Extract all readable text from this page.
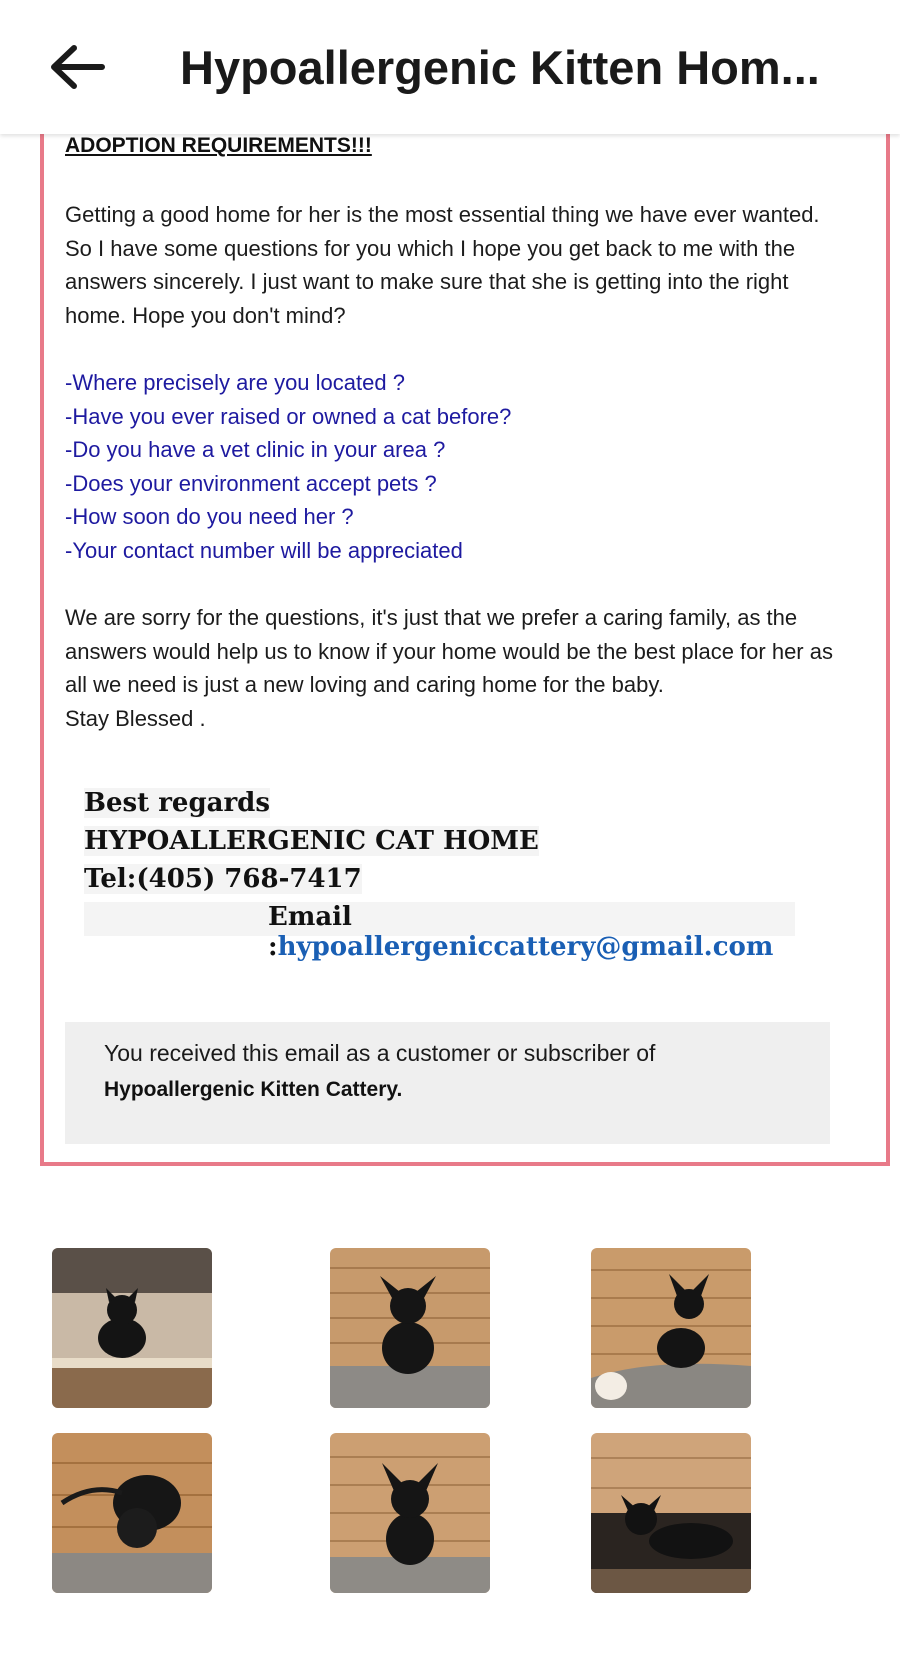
Hypoallergenic Kitten Hom...
ADOPTION REQUIREMENTS!!!
Getting a good home for her is the most essential thing we have ever wanted. So I have some questions for you which I hope you get back to me with the answers sincerely. I just want to make sure that she is getting into the right home. Hope you don't mind?
-Where precisely are you located ?
-Have you ever raised or owned a cat before?
-Do you have a vet clinic in your area ?
-Does your environment accept pets ?
-How soon do you need her ?
-Your contact number will be appreciated
We are sorry for the questions, it's just that we prefer a caring family, as the answers would help us to know if your home would be the best place for her as all we need is just a new loving and caring home for the baby.
Stay Blessed .
Best regards
HYPOALLERGENIC CAT HOME
Tel:(405) 768-7417
Email :hypoallergeniccattery@gmail.com
You received this email as a customer or subscriber of
Hypoallergenic Kitten Cattery.
